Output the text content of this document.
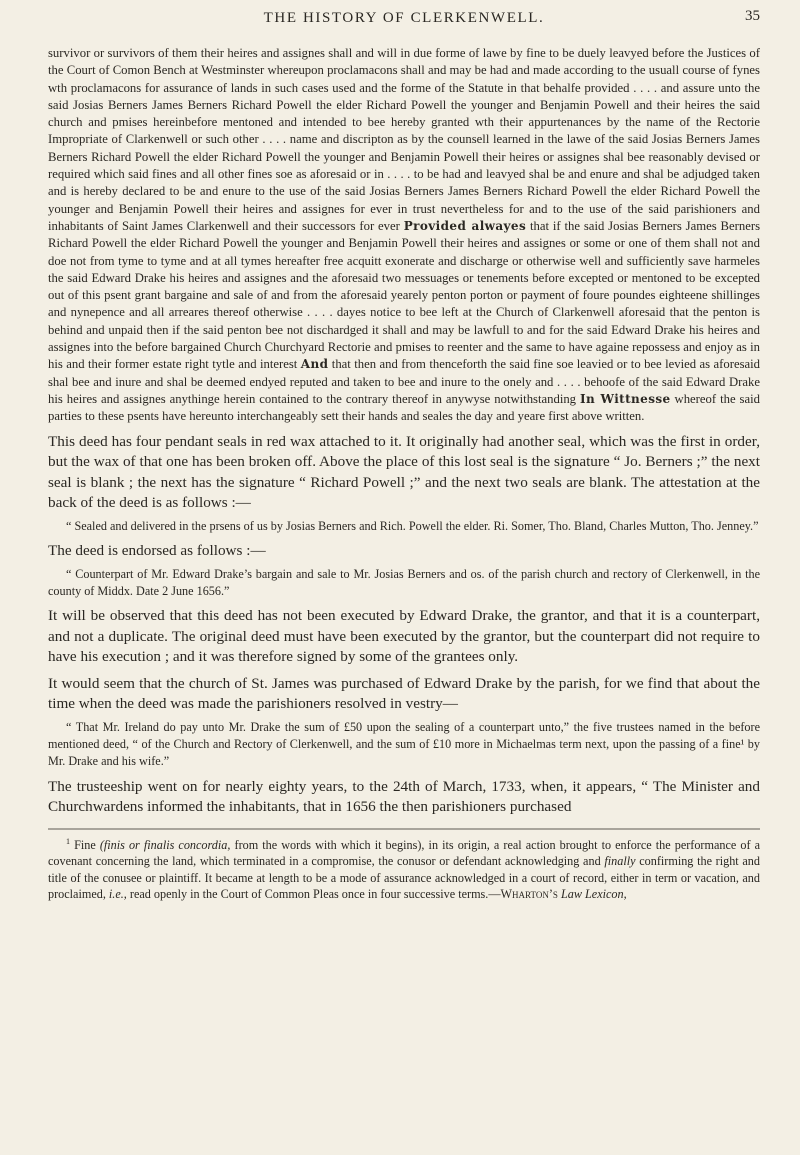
THE HISTORY OF CLERKENWELL.	35

survivor or survivors of them their heires and assignes shall and will in due forme of lawe by fine to be duely leavyed before the Justices of the Court of Comon Bench at Westminster whereupon proclamacons shall and may be had and made according to the usuall course of fynes wth proclamacons for assurance of lands in such cases used and the forme of the Statute in that behalfe provided . . . . and assure unto the said Josias Berners James Berners Richard Powell the elder Richard Powell the younger and Benjamin Powell and their heires the said church and pmises hereinbefore mentoned and intended to bee hereby granted wth their appurtenances by the name of the Rectorie Impropriate of Clarkenwell or such other . . . . name and discripton as by the counsell learned in the lawe of the said Josias Berners James Berners Richard Powell the elder Richard Powell the younger and Benjamin Powell their heires or assignes shal bee reasonably devised or required which said fines and all other fines soe as aforesaid or in . . . . to be had and leavyed shal be and enure and shal be adjudged taken and is hereby declared to be and enure to the use of the said Josias Berners James Berners Richard Powell the elder Richard Powell the younger and Benjamin Powell their heires and assignes for ever in trust nevertheless for and to the use of the said parishioners and inhabitants of Saint James Clarkenwell and their successors for ever Provided alwayes that if the said Josias Berners James Berners Richard Powell the elder Richard Powell the younger and Benjamin Powell their heires and assignes or some or one of them shall not and doe not from tyme to tyme and at all tymes hereafter free acquitt exonerate and discharge or otherwise well and sufficiently save harmeles the said Edward Drake his heires and assignes and the aforesaid two messuages or tenements before excepted or mentoned to be excepted out of this psent grant bargaine and sale of and from the aforesaid yearely penton porton or payment of foure poundes eighteene shillinges and nynepence and all arreares thereof otherwise . . . . dayes notice to bee left at the Church of Clarkenwell aforesaid that the penton is behind and unpaid then if the said penton bee not dischardged it shall and may be lawfull to and for the said Edward Drake his heires and assignes into the before bargained Church Churchyard Rectorie and pmises to reenter and the same to have againe repossess and enjoy as in his and their former estate right tytle and interest And that then and from thenceforth the said fine soe leavied or to bee levied as aforesaid shal bee and inure and shal be deemed endyed reputed and taken to bee and inure to the onely and . . . . behoofe of the said Edward Drake his heires and assignes anythinge herein contained to the contrary thereof in anywyse notwithstanding In Wittnesse whereof the said parties to these psents have hereunto interchangeably sett their hands and seales the day and yeare first above written.

This deed has four pendant seals in red wax attached to it. It originally had another seal, which was the first in order, but the wax of that one has been broken off. Above the place of this lost seal is the signature “ Jo. Berners ;” the next seal is blank ; the next has the signature “ Richard Powell ;” and the next two seals are blank. The attestation at the back of the deed is as follows :—

“ Sealed and delivered in the prsens of us by Josias Berners and Rich. Powell the elder. Ri. Somer, Tho. Bland, Charles Mutton, Tho. Jenney.”

The deed is endorsed as follows :—

“ Counterpart of Mr. Edward Drake’s bargain and sale to Mr. Josias Berners and os. of the parish church and rectory of Clerkenwell, in the county of Middx. Date 2 June 1656.”

It will be observed that this deed has not been executed by Edward Drake, the grantor, and that it is a counterpart, and not a duplicate. The original deed must have been executed by the grantor, but the counterpart did not require to have his execution ; and it was therefore signed by some of the grantees only.

It would seem that the church of St. James was purchased of Edward Drake by the parish, for we find that about the time when the deed was made the parishioners resolved in vestry—

“ That Mr. Ireland do pay unto Mr. Drake the sum of £50 upon the sealing of a counterpart unto,” the five trustees named in the before mentioned deed, “ of the Church and Rectory of Clerkenwell, and the sum of £10 more in Michaelmas term next, upon the passing of a fine¹ by Mr. Drake and his wife.”

The trusteeship went on for nearly eighty years, to the 24th of March, 1733, when, it appears, “ The Minister and Churchwardens informed the inhabitants, that in 1656 the then parishioners purchased

$^1$ Fine (finis or finalis concordia, from the words with which it begins), in its origin, a real action brought to enforce the performance of a covenant concerning the land, which terminated in a compromise, the conusor or defendant acknowledging and finally confirming the right and title of the conusee or plaintiff. It became at length to be a mode of assurance acknowledged in a court of record, either in term or vacation, and proclaimed, i.e., read openly in the Court of Common Pleas once in four successive terms.—Wharton’s Law Lexicon,
